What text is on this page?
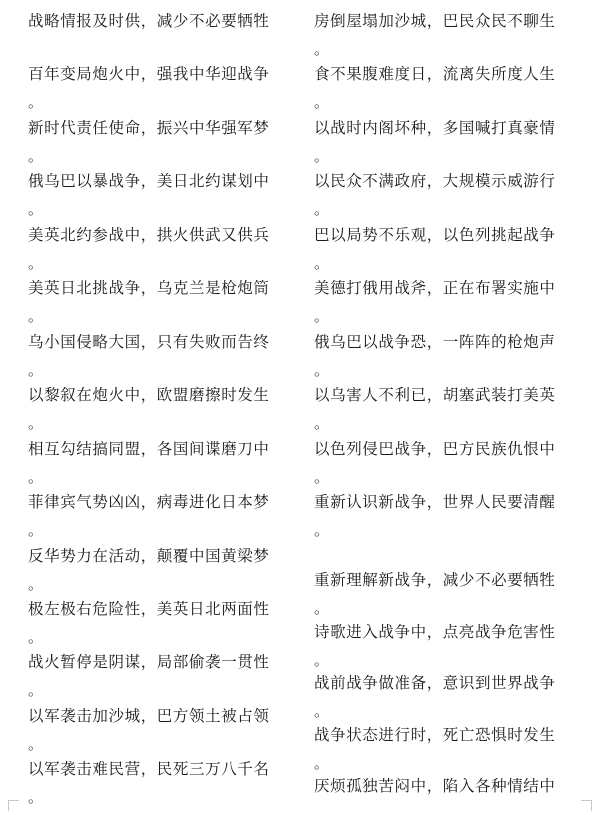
战略情报及时供，减少不必要牺牲
百年变局炮火中，强我中华迎战争
。
新时代责任使命，振兴中华强军梦
。
俄乌巴以暴战争，美日北约谋划中
。
美英北约参战中，拱火供武又供兵
。
美英日北挑战争，乌克兰是枪炮筒
。
乌小国侵略大国，只有失败而告终
。
以黎叙在炮火中，欧盟磨擦时发生
。
相互勾结搞同盟，各国间谍磨刀中
。
菲律宾气势凶凶，病毒进化日本梦
。
反华势力在活动，颠覆中国黄梁梦
。
极左极右危险性，美英日北两面性
。
战火暂停是阴谋，局部偷袭一贯性
。
以军袭击加沙城，巴方领土被占领
。
以军袭击难民营，民死三万八千名
。
房倒屋塌加沙城，巴民众民不聊生
。
食不果腹难度日，流离失所度人生
。
以战时内阁坏种，多国喊打真豪情
。
以民众不满政府，大规模示威游行
。
巴以局势不乐观，以色列挑起战争
。
美德打俄用战斧，正在布署实施中
。
俄乌巴以战争恐，一阵阵的枪炮声
。
以乌害人不利已，胡塞武装打美英
。
以色列侵巴战争，巴方民族仇恨中
。
重新认识新战争，世界人民要清醒
。
重新理解新战争，减少不必要牺牲
。
诗歌进入战争中，点亮战争危害性
。
战前战争做准备，意识到世界战争
。
战争状态进行时，死亡恐惧时发生
。
厌烦孤独苦闷中，陷入各种情结中
